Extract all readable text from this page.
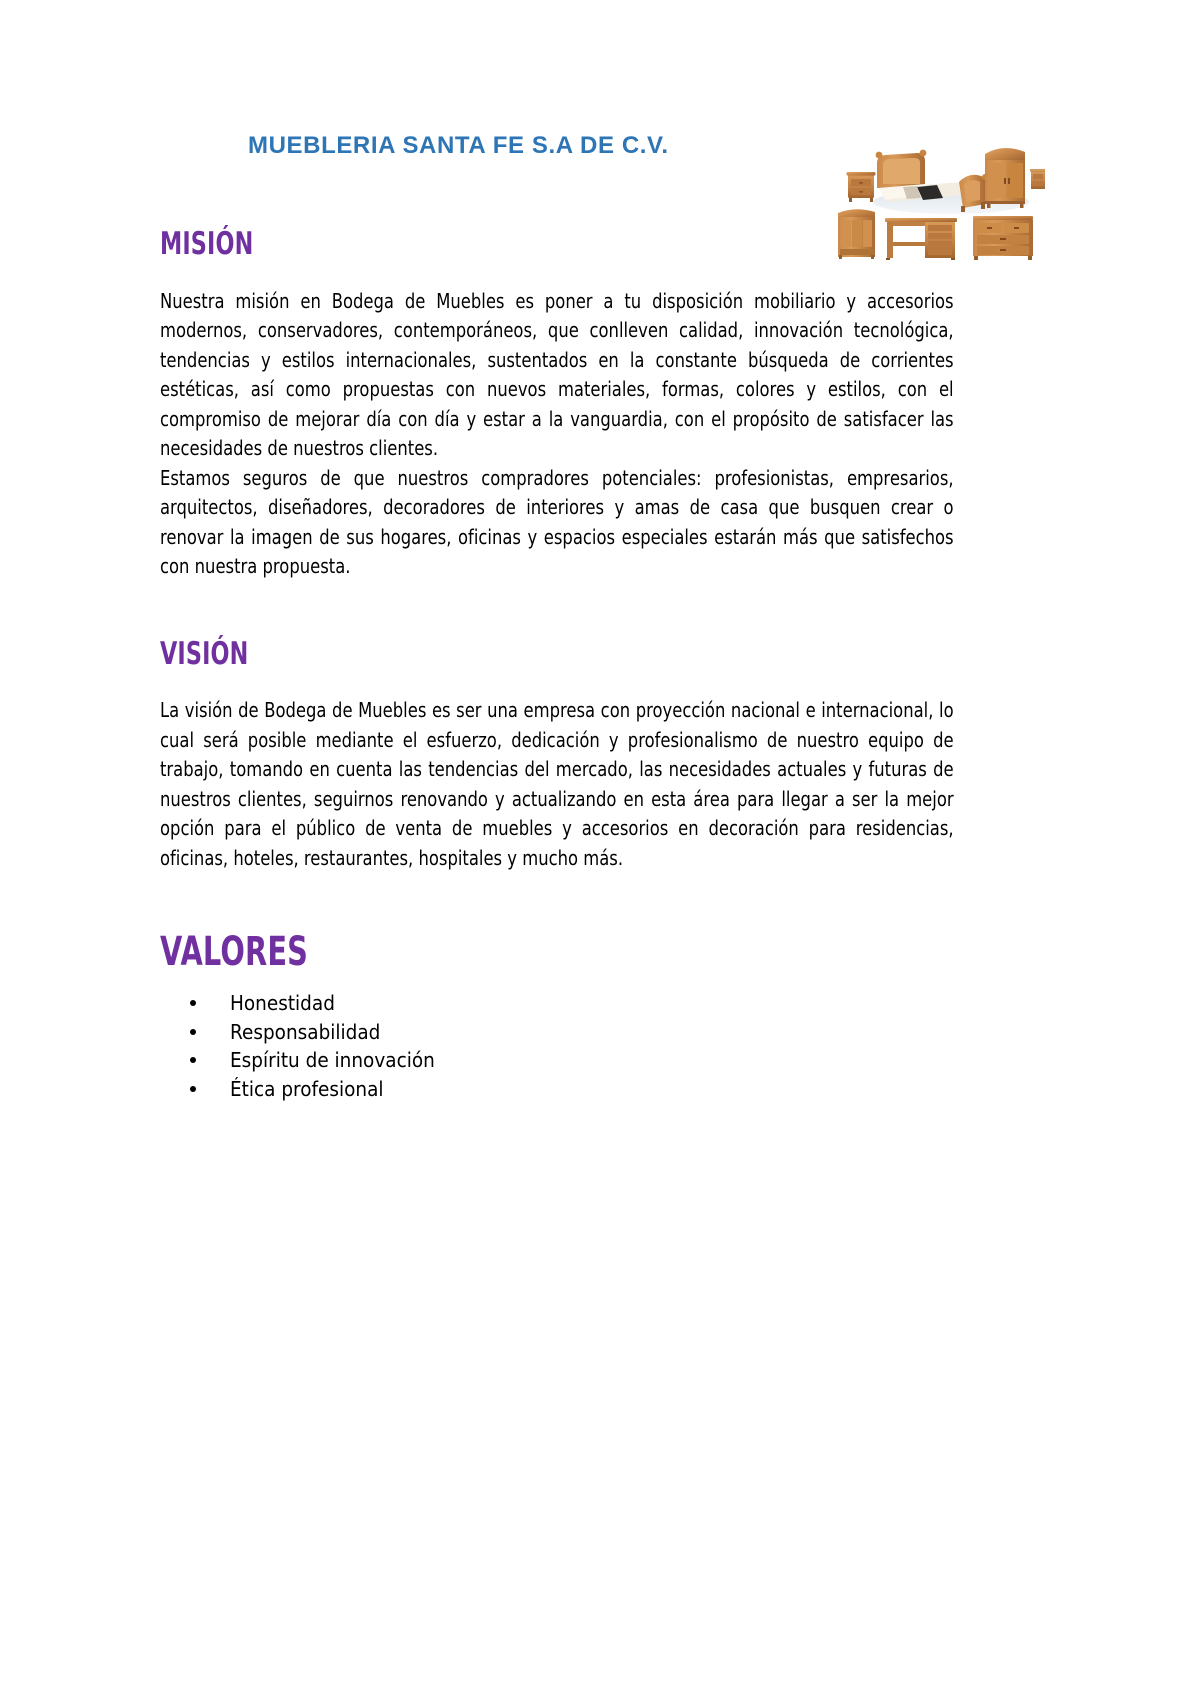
MUEBLERIA SANTA FE S.A DE C.V.
MISIÓN

Nuestra misión en Bodega de Muebles es poner a tu disposición mobiliario y accesorios modernos, conservadores, contemporáneos, que conlleven calidad, innovación tecnológica, tendencias y estilos internacionales, sustentados en la constante búsqueda de corrientes estéticas, así como propuestas con nuevos materiales, formas, colores y estilos, con el compromiso de mejorar día con día y estar a la vanguardia, con el propósito de satisfacer las necesidades de nuestros clientes.

Estamos seguros de que nuestros compradores potenciales: profesionistas, empresarios, arquitectos, diseñadores, decoradores de interiores y amas de casa que busquen crear o renovar la imagen de sus hogares, oficinas y espacios especiales estarán más que satisfechos con nuestra propuesta.

VISIÓN

La visión de Bodega de Muebles es ser una empresa con proyección nacional e internacional, lo cual será posible mediante el esfuerzo, dedicación y profesionalismo de nuestro equipo de trabajo, tomando en cuenta las tendencias del mercado, las necesidades actuales y futuras de nuestros clientes, seguirnos renovando y actualizando en esta área para llegar a ser la mejor opción para el público de venta de muebles y accesorios en decoración para residencias, oficinas, hoteles, restaurantes, hospitales y mucho más.

VALORES
Honestidad
Responsabilidad
Espíritu de innovación
Ética profesional
